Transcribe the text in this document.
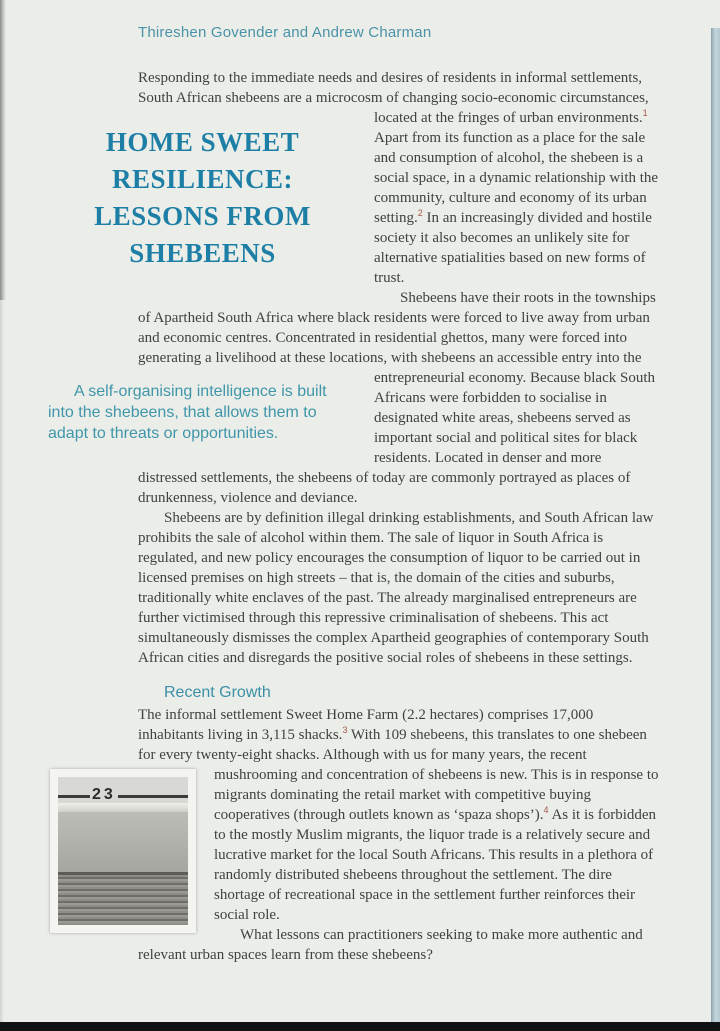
Thireshen Govender and Andrew Charman

Responding to the immediate needs and desires of residents in informal settlements, South African shebeens are a microcosm of changing socio-
HOME SWEET
RESILIENCE:
LESSONS FROM
SHEBEENS
economic circumstances, located at the fringes of urban environments.$^1$ Apart from its function as a place for the sale and consumption of alcohol, the shebeen is a social space, in a dynamic relationship with the community, culture and economy of its urban setting.$^2$ In an increasingly divided and hostile society it also becomes an unlikely site for alternative spatialities based on new forms of trust.

Shebeens have their roots in the townships of Apartheid South Africa where black residents were forced to live away from urban and economic centres. Concentrated in residential ghettos, many were forced into generating a livelihood at these locations, with shebeens an accessible entry into the
A self-organising intelligence is built into the shebeens, that allows them to adapt to threats or opportunities.
entrepreneurial economy. Because black South Africans were forbidden to socialise in designated white areas, shebeens served as important social and political sites for black residents. Located in denser and more distressed settlements, the shebeens of today are commonly portrayed as places of drunkenness, violence and deviance.

Shebeens are by definition illegal drinking establishments, and South African law prohibits the sale of alcohol within them. The sale of liquor in South Africa is regulated, and new policy encourages the consumption of liquor to be carried out in licensed premises on high streets – that is, the domain of the cities and suburbs, traditionally white enclaves of the past. The already marginalised entrepreneurs are further victimised through this repressive criminalisation of shebeens. This act simultaneously dismisses the complex Apartheid geographies of contemporary South African cities and disregards the positive social roles of shebeens in these settings.

Recent Growth

The informal settlement Sweet Home Farm (2.2 hectares) comprises 17,000 inhabitants living in 3,115 shacks.$^3$ With 109 shebeens, this translates to one shebeen for every twenty-eight shacks. Although with us for many years, the recent mushrooming and concentration of shebeens is new. This is in
23
response to migrants dominating the retail market with competitive buying cooperatives (through outlets known as ‘spaza shops’).$^4$ As it is forbidden to the mostly Muslim migrants, the liquor trade is a relatively secure and lucrative market for the local South Africans. This results in a plethora of randomly distributed shebeens throughout the settlement. The dire shortage of recreational space in the settlement further reinforces their social role.

What lessons can practitioners seeking to make more authentic and relevant urban spaces learn from these shebeens?
